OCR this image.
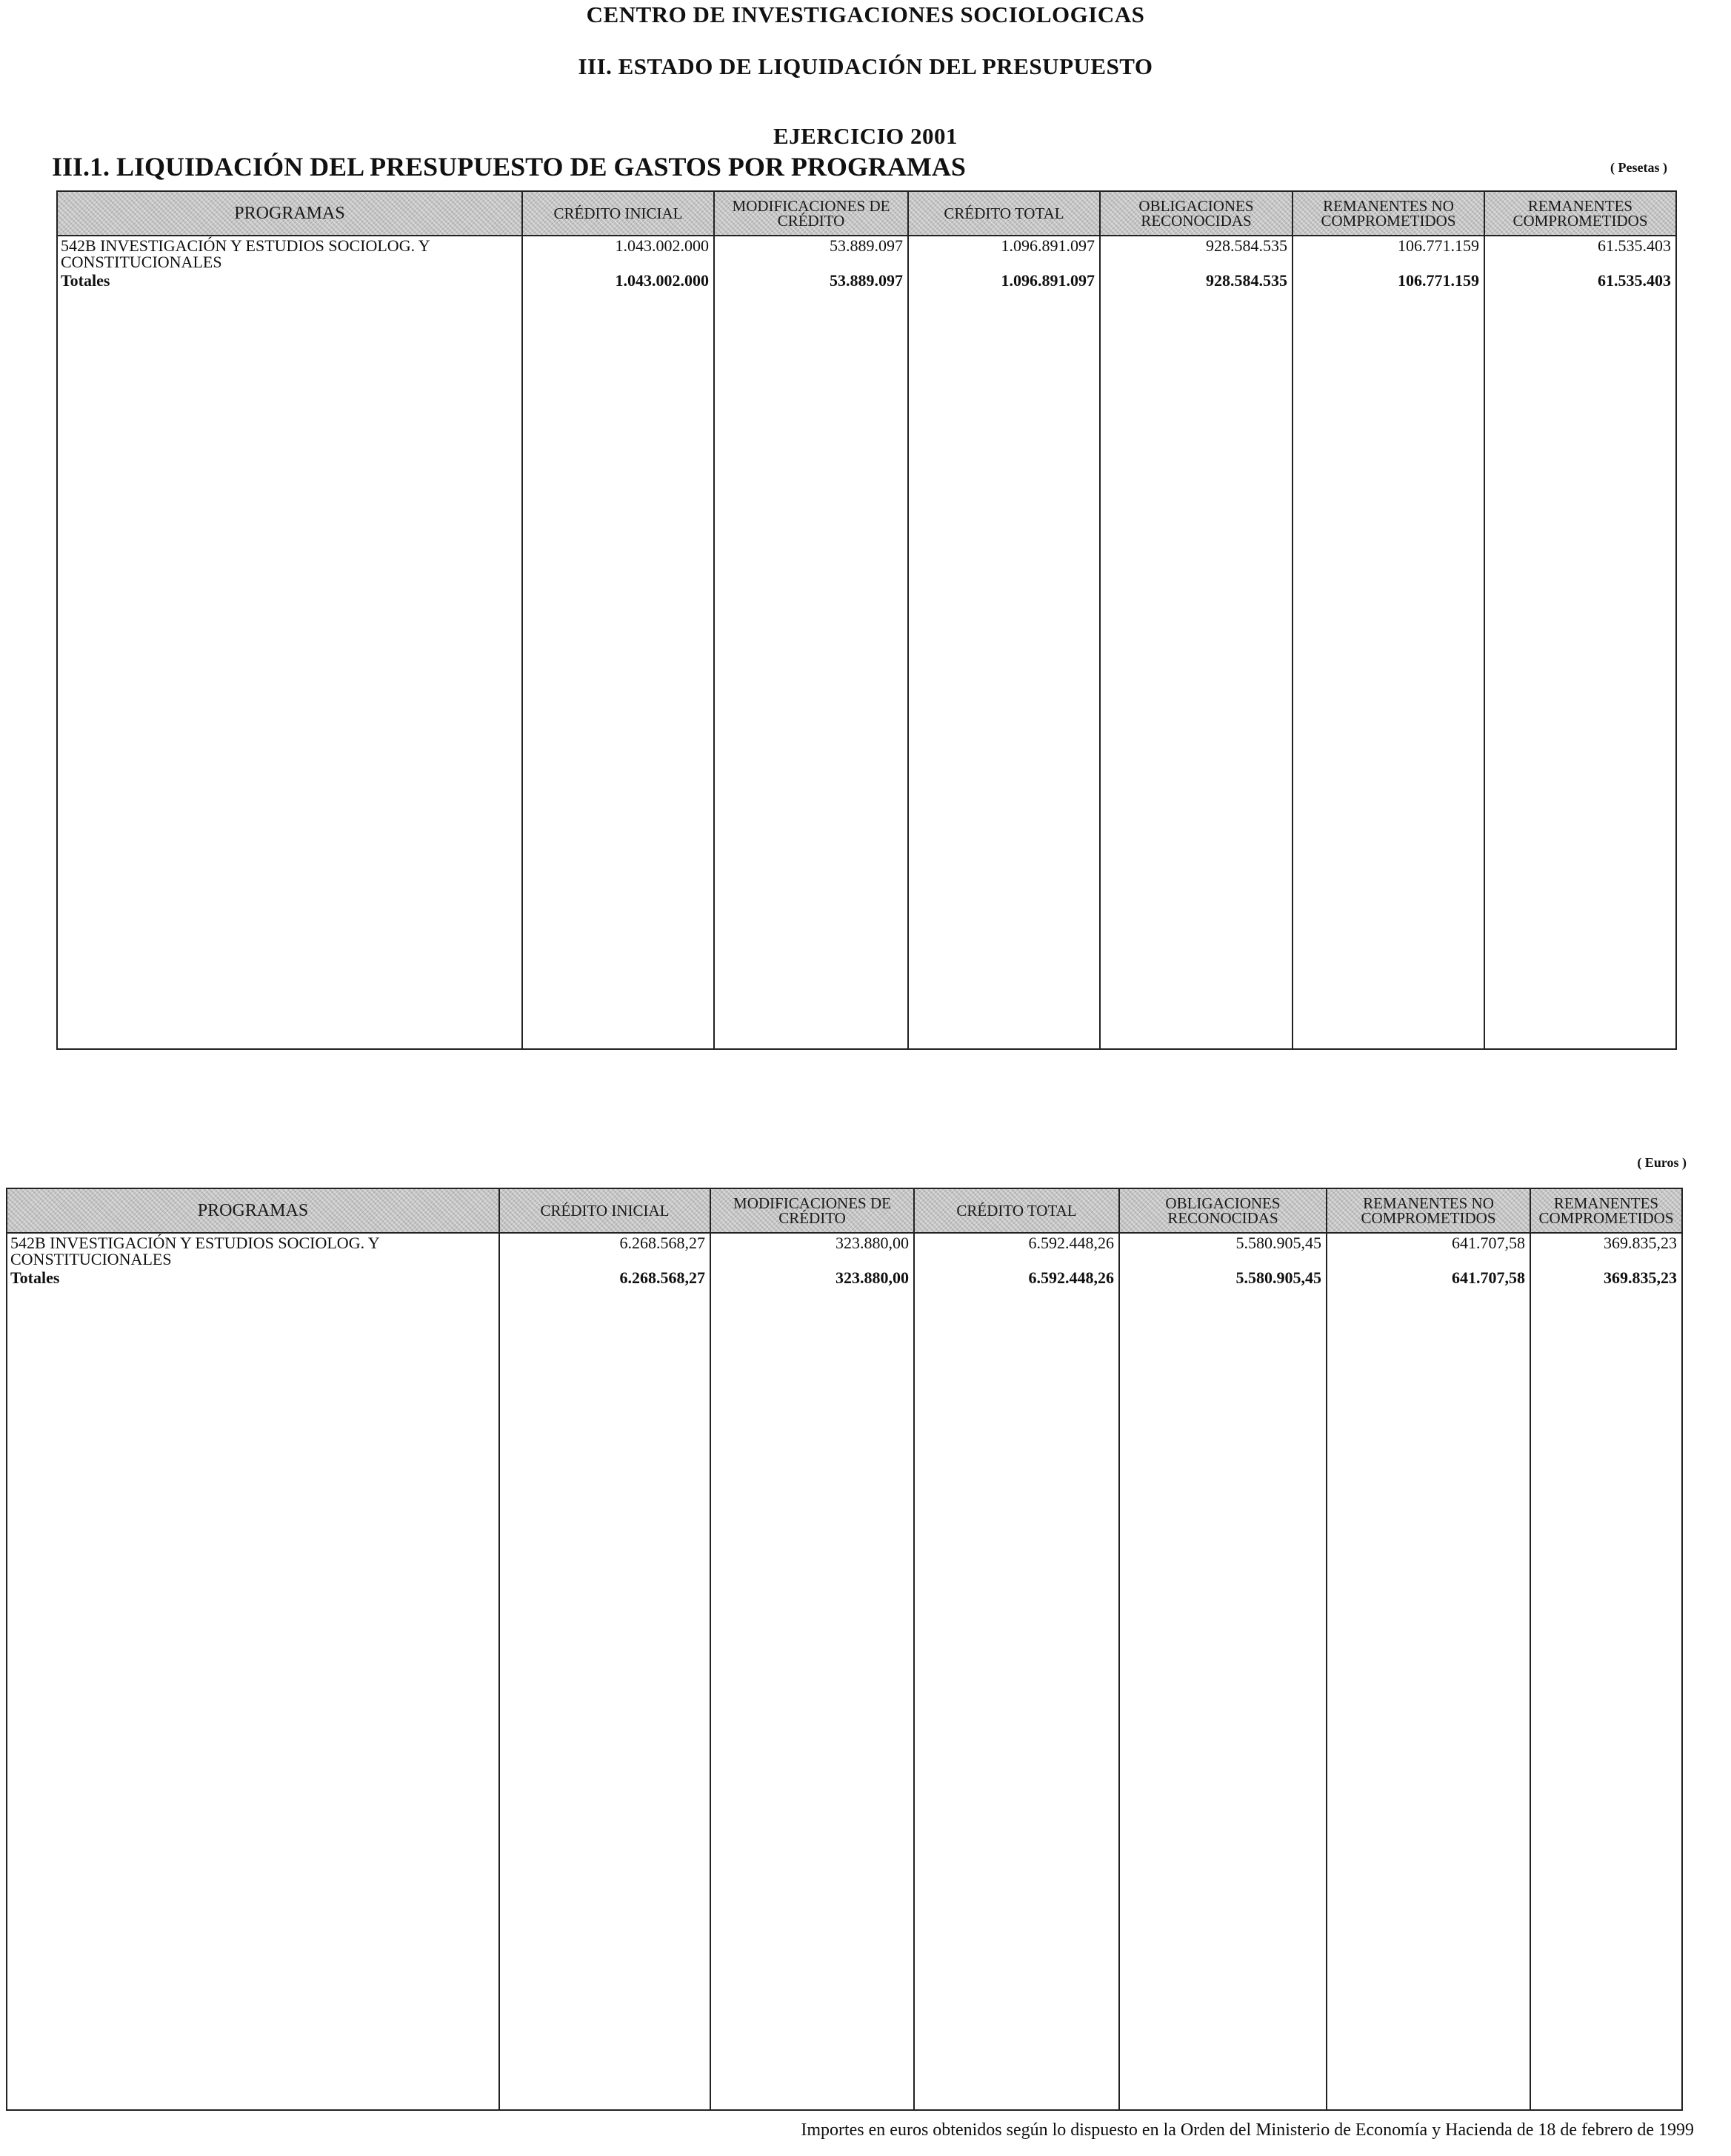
CENTRO DE INVESTIGACIONES SOCIOLOGICAS
III. ESTADO DE LIQUIDACIÓN DEL PRESUPUESTO
EJERCICIO 2001
III.1. LIQUIDACIÓN DEL PRESUPUESTO DE GASTOS POR PROGRAMAS	( Pesetas )
PROGRAMAS	CRÉDITO INICIAL	MODIFICACIONES DE CRÉDITO	CRÉDITO TOTAL	OBLIGACIONES RECONOCIDAS	REMANENTES NO COMPROMETIDOS	REMANENTES COMPROMETIDOS
542B INVESTIGACIÓN Y ESTUDIOS SOCIOLOG. Y CONSTITUCIONALES	1.043.002.000	53.889.097	1.096.891.097	928.584.535	106.771.159	61.535.403
Totales	1.043.002.000	53.889.097	1.096.891.097	928.584.535	106.771.159	61.535.403

( Euros )
PROGRAMAS	CRÉDITO INICIAL	MODIFICACIONES DE CRÉDITO	CRÉDITO TOTAL	OBLIGACIONES RECONOCIDAS	REMANENTES NO COMPROMETIDOS	REMANENTES COMPROMETIDOS
542B INVESTIGACIÓN Y ESTUDIOS SOCIOLOG. Y CONSTITUCIONALES	6.268.568,27	323.880,00	6.592.448,26	5.580.905,45	641.707,58	369.835,23
Totales	6.268.568,27	323.880,00	6.592.448,26	5.580.905,45	641.707,58	369.835,23

Importes en euros obtenidos según lo dispuesto en la Orden del Ministerio de Economía y Hacienda de 18 de febrero de 1999
